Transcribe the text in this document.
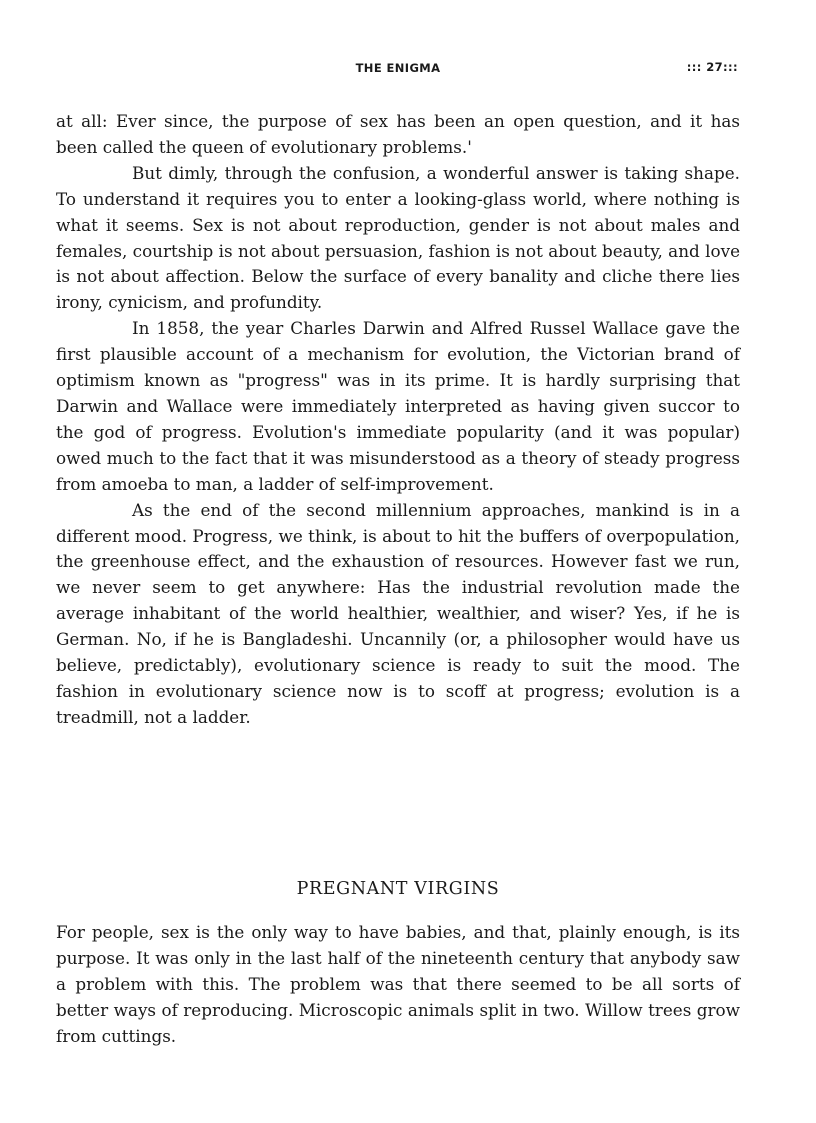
THE ENIGMA	::: 27:::

at all: Ever since, the purpose of sex has been an open question, and it has been called the queen of evolutionary problems.'

But dimly, through the confusion, a wonderful answer is taking shape. To understand it requires you to enter a looking-glass world, where nothing is what it seems. Sex is not about reproduction, gender is not about males and females, courtship is not about persuasion, fashion is not about beauty, and love is not about affection. Below the surface of every banality and cliche there lies irony, cynicism, and profundity.

In 1858, the year Charles Darwin and Alfred Russel Wallace gave the first plausible account of a mechanism for evolution, the Victorian brand of optimism known as "progress" was in its prime. It is hardly surprising that Darwin and Wallace were immediately interpreted as having given succor to the god of progress. Evolution's immediate popularity (and it was popular) owed much to the fact that it was misunderstood as a theory of steady progress from amoeba to man, a ladder of self-improvement.

As the end of the second millennium approaches, mankind is in a different mood. Progress, we think, is about to hit the buffers of overpopulation, the greenhouse effect, and the exhaustion of resources. However fast we run, we never seem to get anywhere: Has the industrial revolution made the average inhabitant of the world healthier, wealthier, and wiser? Yes, if he is German. No, if he is Bangladeshi. Uncannily (or, a philosopher would have us believe, predictably), evolutionary science is ready to suit the mood. The fashion in evolutionary science now is to scoff at progress; evolution is a treadmill, not a ladder.

PREGNANT VIRGINS

For people, sex is the only way to have babies, and that, plainly enough, is its purpose. It was only in the last half of the nineteenth century that anybody saw a problem with this. The problem was that there seemed to be all sorts of better ways of reproducing. Microscopic animals split in two. Willow trees grow from cuttings.
